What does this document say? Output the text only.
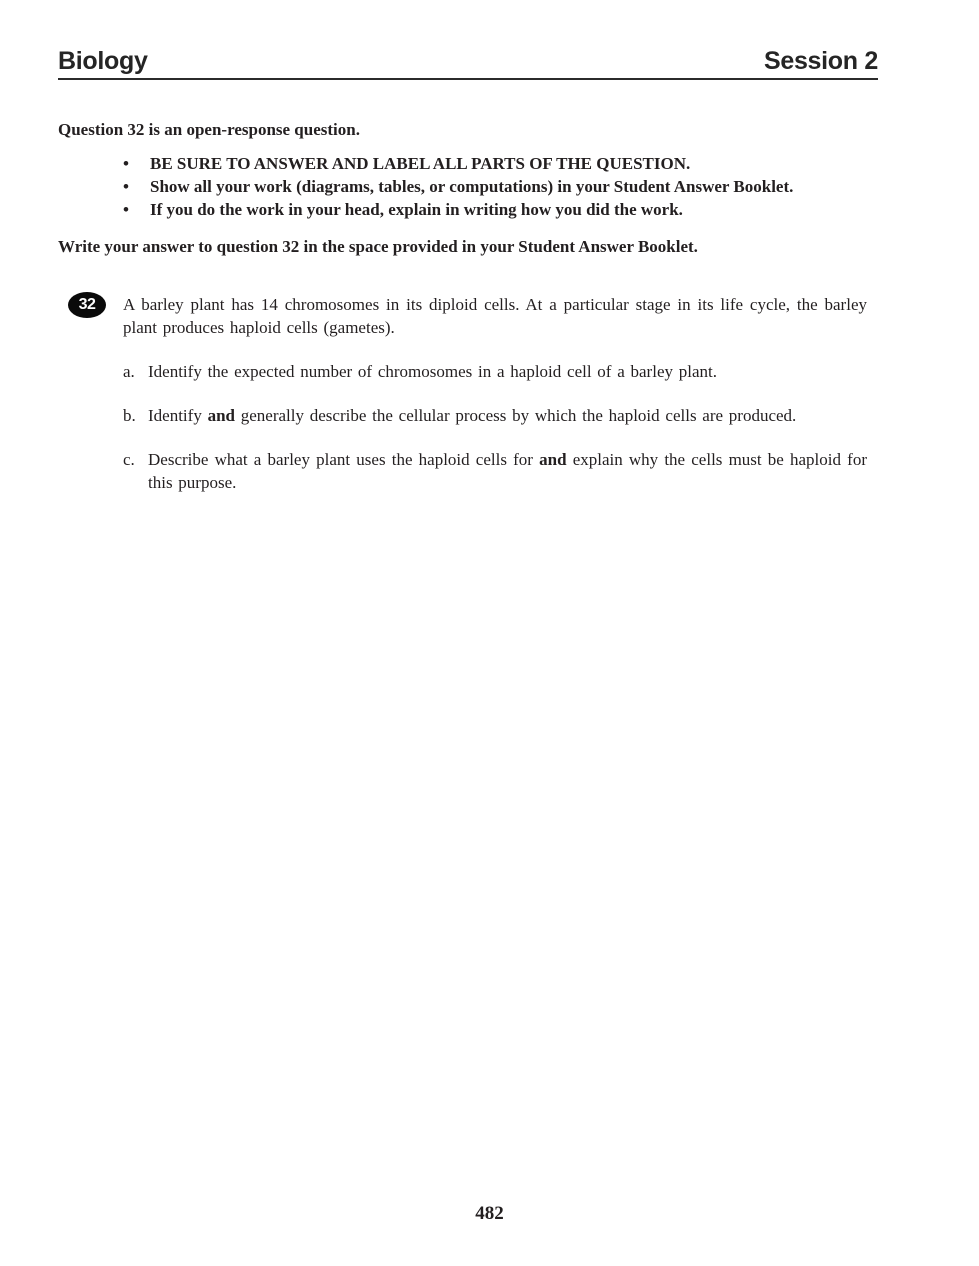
Biology	Session 2

Question 32 is an open-response question.

•	BE SURE TO ANSWER AND LABEL ALL PARTS OF THE QUESTION.
•	Show all your work (diagrams, tables, or computations) in your Student Answer Booklet.
•	If you do the work in your head, explain in writing how you did the work.

Write your answer to question 32 in the space provided in your Student Answer Booklet.

32 A barley plant has 14 chromosomes in its diploid cells. At a particular stage in its life cycle, the barley plant produces haploid cells (gametes).

a. Identify the expected number of chromosomes in a haploid cell of a barley plant.
b. Identify and generally describe the cellular process by which the haploid cells are produced.
c. Describe what a barley plant uses the haploid cells for and explain why the cells must be haploid for this purpose.
482
